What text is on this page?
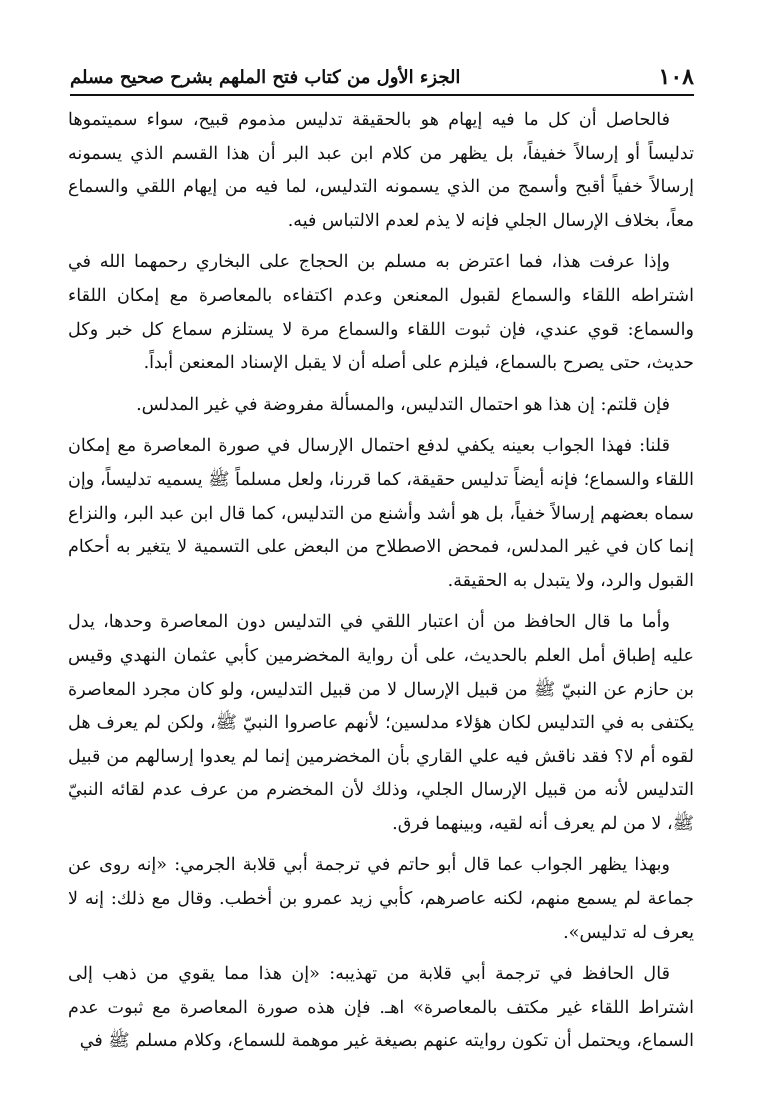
١٠٨
الجزء الأول من كتاب فتح الملهم بشرح صحيح مسلم

فالحاصل أن كل ما فيه إيهام هو بالحقيقة تدليس مذموم قبيح، سواء سميتموها تدليساً أو إرسالاً خفيفاً، بل يظهر من كلام ابن عبد البر أن هذا القسم الذي يسمونه إرسالاً خفياً أقبح وأسمج من الذي يسمونه التدليس، لما فيه من إيهام اللقي والسماع معاً، بخلاف الإرسال الجلي فإنه لا يذم لعدم الالتباس فيه.

وإذا عرفت هذا، فما اعترض به مسلم بن الحجاج على البخاري رحمهما الله في اشتراطه اللقاء والسماع لقبول المعنعن وعدم اكتفاءه بالمعاصرة مع إمكان اللقاء والسماع: قوي عندي، فإن ثبوت اللقاء والسماع مرة لا يستلزم سماع كل خبر وكل حديث، حتى يصرح بالسماع، فيلزم على أصله أن لا يقبل الإسناد المعنعن أبداً.

فإن قلتم: إن هذا هو احتمال التدليس، والمسألة مفروضة في غير المدلس.

قلنا: فهذا الجواب بعينه يكفي لدفع احتمال الإرسال في صورة المعاصرة مع إمكان اللقاء والسماع؛ فإنه أيضاً تدليس حقيقة، كما قررنا، ولعل مسلماً ﷺ يسميه تدليساً، وإن سماه بعضهم إرسالاً خفياً، بل هو أشد وأشنع من التدليس، كما قال ابن عبد البر، والنزاع إنما كان في غير المدلس، فمحض الاصطلاح من البعض على التسمية لا يتغير به أحكام القبول والرد، ولا يتبدل به الحقيقة.

وأما ما قال الحافظ من أن اعتبار اللقي في التدليس دون المعاصرة وحدها، يدل عليه إطباق أمل العلم بالحديث، على أن رواية المخضرمين كأبي عثمان النهدي وقيس بن حازم عن النبيّ ﷺ من قبيل الإرسال لا من قبيل التدليس، ولو كان مجرد المعاصرة يكتفى به في التدليس لكان هؤلاء مدلسين؛ لأنهم عاصروا النبيّ ﷺ، ولكن لم يعرف هل لقوه أم لا؟ فقد ناقش فيه علي القاري بأن المخضرمين إنما لم يعدوا إرسالهم من قبيل التدليس لأنه من قبيل الإرسال الجلي، وذلك لأن المخضرم من عرف عدم لقائه النبيّ ﷺ، لا من لم يعرف أنه لقيه، وبينهما فرق.

وبهذا يظهر الجواب عما قال أبو حاتم في ترجمة أبي قلابة الجرمي: «إنه روى عن جماعة لم يسمع منهم، لكنه عاصرهم، كأبي زيد عمرو بن أخطب. وقال مع ذلك: إنه لا يعرف له تدليس».

قال الحافظ في ترجمة أبي قلابة من تهذيبه: «إن هذا مما يقوي من ذهب إلى اشتراط اللقاء غير مكتف بالمعاصرة» اهـ. فإن هذه صورة المعاصرة مع ثبوت عدم السماع، ويحتمل أن تكون روايته عنهم بصيغة غير موهمة للسماع، وكلام مسلم ﷺ في
